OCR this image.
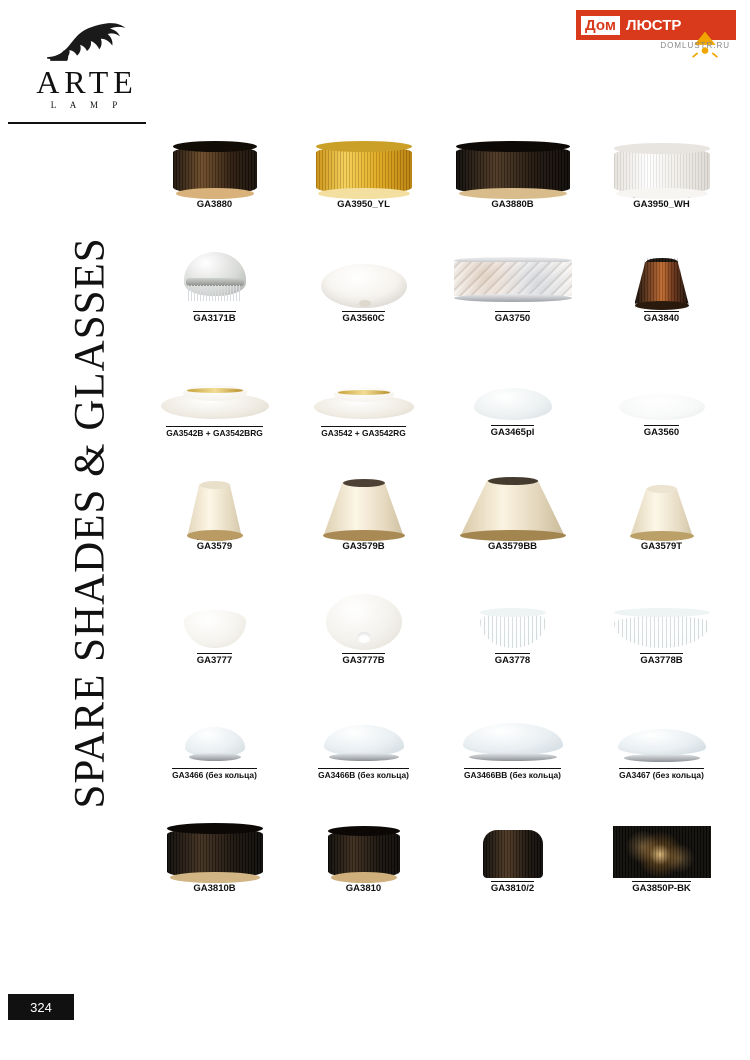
ARTE
L A M P
Дом ЛЮСТР
DOMLUSTR.RU
SPARE SHADES & GLASSES
324
GA3880	GA3950_YL	GA3880B	GA3950_WH
GA3171B	GA3560C	GA3750	GA3840
GA3542B + GA3542BRG	GA3542 + GA3542RG	GA3465pl	GA3560
GA3579	GA3579B	GA3579BB	GA3579T
GA3777	GA3777B	GA3778	GA3778B
GA3466 (без кольца)	GA3466B (без кольца)	GA3466BB (без кольца)	GA3467 (без кольца)
GA3810B	GA3810	GA3810/2	GA3850P-BK
